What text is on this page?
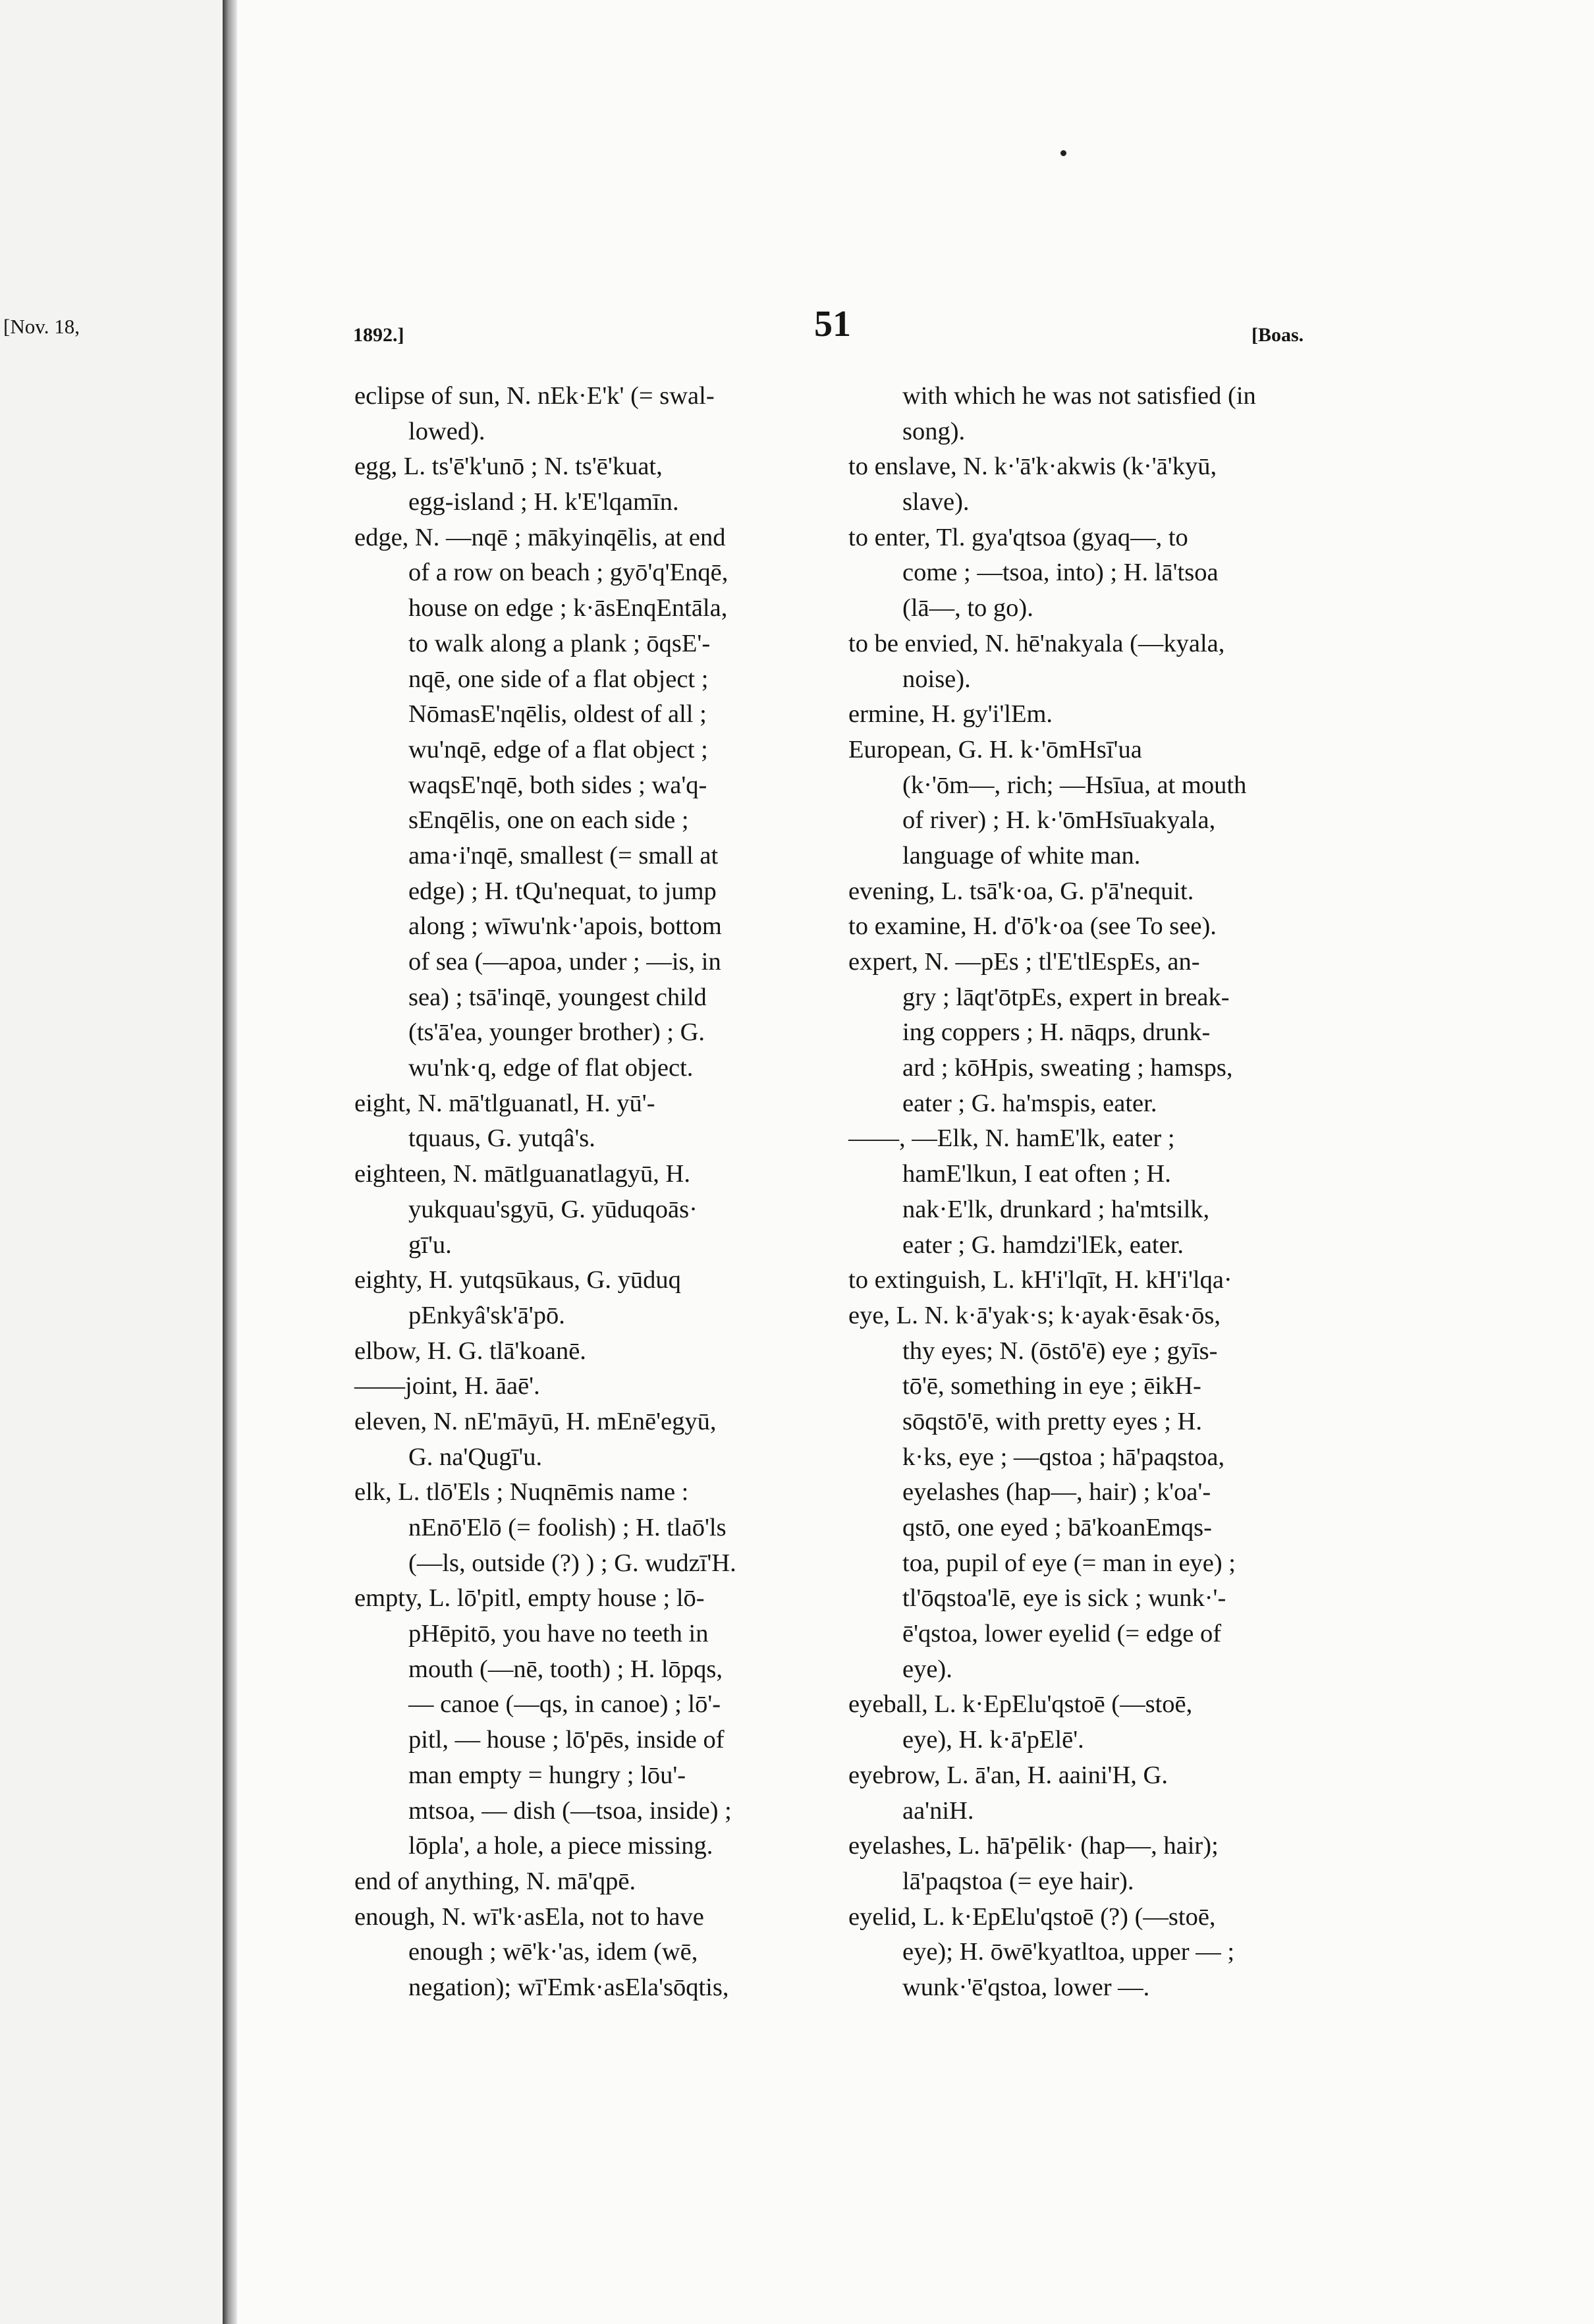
[Nov. 18,	1892.]	51	[Boas.
eclipse of sun, N. nEk·E'k' (= swal-
lowed).
egg, L. ts'ē'k'unō ; N. ts'ē'kuat,
egg-island ; H. k'E'lqamīn.
edge, N. —nqē ; mākyinqēlis, at end
of a row on beach ; gyō'q'Enqē,
house on edge ; k·āsEnqEntāla,
to walk along a plank ; ōqsE'-
nqē, one side of a flat object ;
NōmasE'nqēlis, oldest of all ;
wu'nqē, edge of a flat object ;
waqsE'nqē, both sides ; wa'q-
sEnqēlis, one on each side ;
ama·i'nqē, smallest (= small at
edge) ; H. tQu'nequat, to jump
along ; wīwu'nk·'apois, bottom
of sea (—apoa, under ; —is, in
sea) ; tsā'inqē, youngest child
(ts'ā'ea, younger brother) ; G.
wu'nk·q, edge of flat object.
eight, N. mā'tlguanatl, H. yū'-
tquaus, G. yutqâ's.
eighteen, N. mātlguanatlagyū, H.
yukquau'sgyū, G. yūduqoās·
gī'u.
eighty, H. yutqsūkaus, G. yūduq
pEnkyâ'sk'ā'pō.
elbow, H. G. tlā'koanē.
——joint, H. āaē'.
eleven, N. nE'māyū, H. mEnē'egyū,
G. na'Qugī'u.
elk, L. tlō'Els ; Nuqnēmis name :
nEnō'Elō (= foolish) ; H. tlaō'ls
(—ls, outside (?) ) ; G. wudzī'H.
empty, L. lō'pitl, empty house ; lō-
pHēpitō, you have no teeth in
mouth (—nē, tooth) ; H. lōpqs,
— canoe (—qs, in canoe) ; lō'-
pitl, — house ; lō'pēs, inside of
man empty = hungry ; lōu'-
mtsoa, — dish (—tsoa, inside) ;
lōpla', a hole, a piece missing.
end of anything, N. mā'qpē.
enough, N. wī'k·asEla, not to have
enough ; wē'k·'as, idem (wē,
negation); wī'Emk·asEla'sōqtis,
with which he was not satisfied (in
song).
to enslave, N. k·'ā'k·akwis (k·'ā'kyū,
slave).
to enter, Tl. gya'qtsoa (gyaq—, to
come ; —tsoa, into) ; H. lā'tsoa
(lā—, to go).
to be envied, N. hē'nakyala (—kyala,
noise).
ermine, H. gy'i'lEm.
European, G. H. k·'ōmHsī'ua
(k·'ōm—, rich; —Hsīua, at mouth
of river) ; H. k·'ōmHsīuakyala,
language of white man.
evening, L. tsā'k·oa, G. p'ā'nequit.
to examine, H. d'ō'k·oa (see To see).
expert, N. —pEs ; tl'E'tlEspEs, an-
gry ; lāqt'ōtpEs, expert in break-
ing coppers ; H. nāqps, drunk-
ard ; kōHpis, sweating ; hamsps,
eater ; G. ha'mspis, eater.
——, —Elk, N. hamE'lk, eater ;
hamE'lkun, I eat often ; H.
nak·E'lk, drunkard ; ha'mtsilk,
eater ; G. hamdzi'lEk, eater.
to extinguish, L. kH'i'lqīt, H. kH'i'lqa·
eye, L. N. k·ā'yak·s; k·ayak·ēsak·ōs,
thy eyes; N. (ōstō'ē) eye ; gyīs-
tō'ē, something in eye ; ēikH-
sōqstō'ē, with pretty eyes ; H.
k·ks, eye ; —qstoa ; hā'paqstoa,
eyelashes (hap—, hair) ; k'oa'-
qstō, one eyed ; bā'koanEmqs-
toa, pupil of eye (= man in eye) ;
tl'ōqstoa'lē, eye is sick ; wunk·'-
ē'qstoa, lower eyelid (= edge of
eye).
eyeball, L. k·EpElu'qstoē (—stoē,
eye), H. k·ā'pElē'.
eyebrow, L. ā'an, H. aaini'H, G.
aa'niH.
eyelashes, L. hā'pēlik· (hap—, hair);
lā'paqstoa (= eye hair).
eyelid, L. k·EpElu'qstoē (?) (—stoē,
eye); H. ōwē'kyatltoa, upper — ;
wunk·'ē'qstoa, lower —.
